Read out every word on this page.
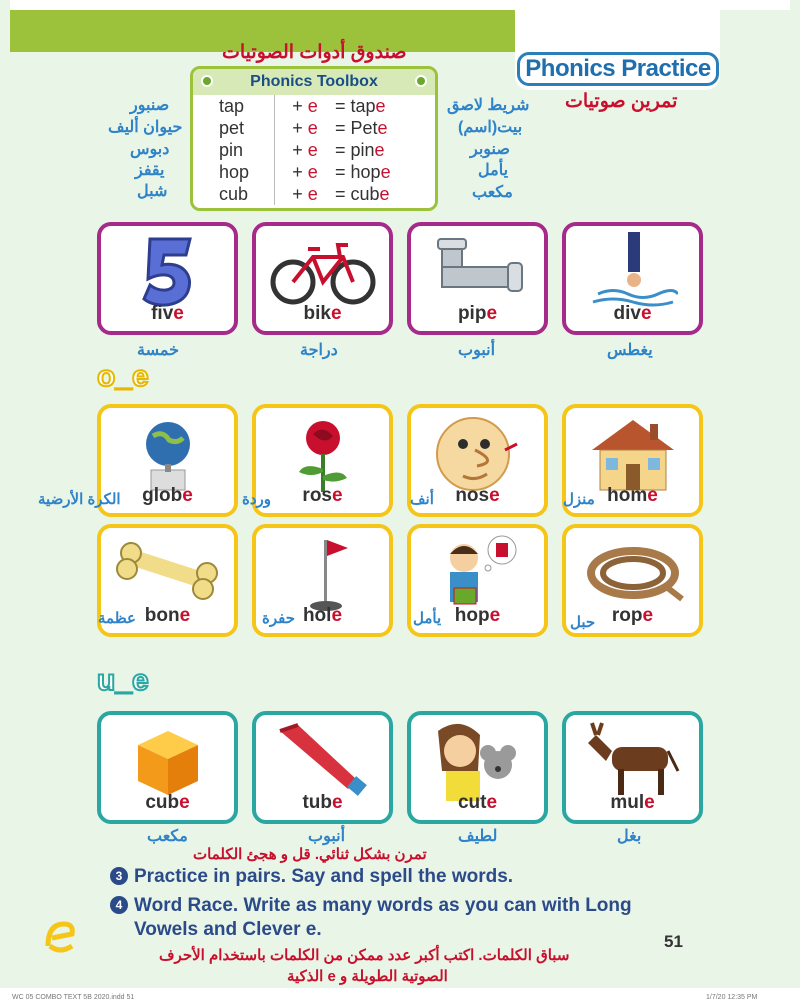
Phonics Practice
صندوق أدوات الصوتيات
تمرين صوتيات
Phonics Toolbox
tap	+ e = tape
pet	+ e = Pete
pin	+ e = pine
hop	+ e = hope
cub	+ e = cube
صنبور
حيوان أليف
دبوس
يقفز
شبل
شريط لاصق
بيت(اسم)
صنوبر
يأمل
مكعب
five	bike	pipe	dive
خمسة	دراجة	أنبوب	يغطس
o_e
globe	rose	nose	home
الكرة الأرضية	وردة	أنف	منزل
bone	hole	hope	rope
عظمة	حفرة	يأمل	حبل
u_e
cube	tube	cute	mule
مكعب	أنبوب	لطيف	بغل
تمرن بشكل ثنائي. قل و هجئ الكلمات
3 Practice in pairs. Say and spell the words.
4 Word Race. Write as many words as you can with Long
Vowels and Clever e.
سباق الكلمات. اكتب أكبر عدد ممكن من الكلمات باستخدام الأحرف
الصوتية الطويلة و e الذكية
51
WC 05 COMBO TEXT 5B 2020.indd 51	1/7/20 12:35 PM
